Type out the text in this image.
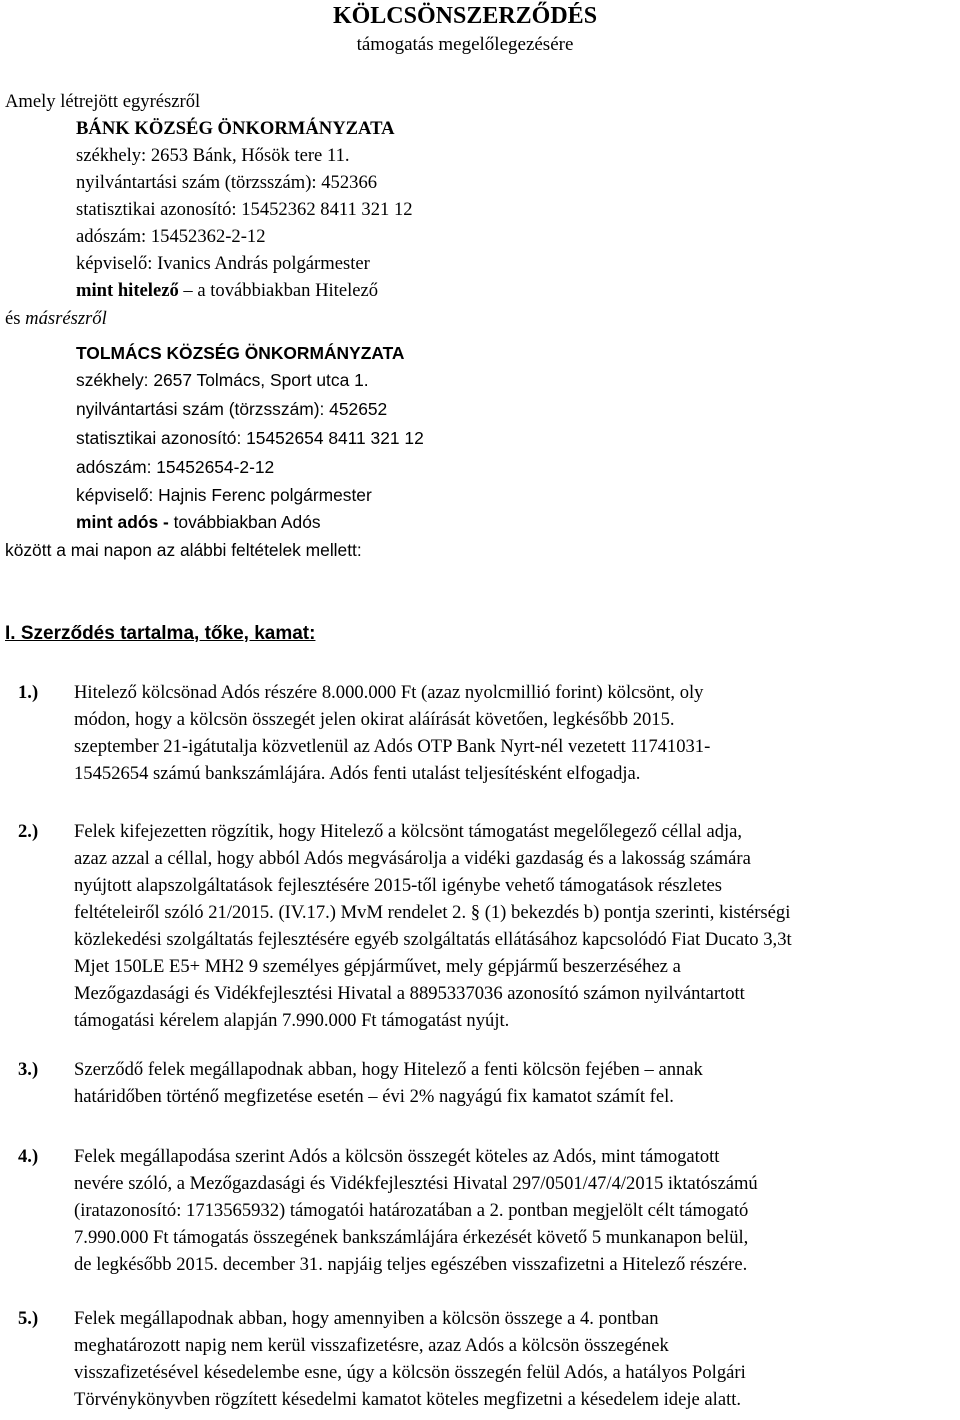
KÖLCSÖNSZERZŐDÉS
támogatás megelőlegezésére
Amely létrejött egyrészről
BÁNK KÖZSÉG ÖNKORMÁNYZATA
székhely: 2653 Bánk, Hősök tere 11.
nyilvántartási szám (törzsszám): 452366
statisztikai azonosító: 15452362 8411 321 12
adószám: 15452362-2-12
képviselő: Ivanics András polgármester
mint hitelező – a továbbiakban Hitelező
és másrészről
TOLMÁCS KÖZSÉG ÖNKORMÁNYZATA
székhely: 2657 Tolmács, Sport utca 1.
nyilvántartási szám (törzsszám): 452652
statisztikai azonosító: 15452654 8411 321 12
adószám: 15452654-2-12
képviselő: Hajnis Ferenc polgármester
mint adós - továbbiakban Adós
között a mai napon az alábbi feltételek mellett:
I. Szerződés tartalma, tőke, kamat:
1.) Hitelező kölcsönad Adós részére 8.000.000 Ft (azaz nyolcmillió forint) kölcsönt, oly

módon, hogy a kölcsön összegét jelen okirat aláírását követően, legkésőbb 2015.

szeptember 21-igátutalja közvetlenül az Adós OTP Bank Nyrt-nél vezetett 11741031-

15452654 számú bankszámlájára. Adós fenti utalást teljesítésként elfogadja.

2.) Felek kifejezetten rögzítik, hogy Hitelező a kölcsönt támogatást megelőlegező céllal adja,

azaz azzal a céllal, hogy abból Adós megvásárolja a vidéki gazdaság és a lakosság számára

nyújtott alapszolgáltatások fejlesztésére 2015-től igénybe vehető támogatások részletes

feltételeiről szóló 21/2015. (IV.17.) MvM rendelet 2. § (1) bekezdés b) pontja szerinti, kistérségi

közlekedési szolgáltatás fejlesztésére egyéb szolgáltatás ellátásához kapcsolódó Fiat Ducato 3,3t

Mjet 150LE E5+ MH2 9 személyes gépjárművet, mely gépjármű beszerzéséhez a

Mezőgazdasági és Vidékfejlesztési Hivatal a 8895337036 azonosító számon nyilvántartott

támogatási kérelem alapján 7.990.000 Ft támogatást nyújt.

3.) Szerződő felek megállapodnak abban, hogy Hitelező a fenti kölcsön fejében – annak

határidőben történő megfizetése esetén – évi 2% nagyágú fix kamatot számít fel.

4.) Felek megállapodása szerint Adós a kölcsön összegét köteles az Adós, mint támogatott

nevére szóló, a Mezőgazdasági és Vidékfejlesztési Hivatal 297/0501/47/4/2015 iktatószámú

(iratazonosító: 1713565932) támogatói határozatában a 2. pontban megjelölt célt támogató

7.990.000 Ft támogatás összegének bankszámlájára érkezését követő 5 munkanapon belül,

de legkésőbb 2015. december 31. napjáig teljes egészében visszafizetni a Hitelező részére.

5.) Felek megállapodnak abban, hogy amennyiben a kölcsön összege a 4. pontban

meghatározott napig nem kerül visszafizetésre, azaz Adós a kölcsön összegének

visszafizetésével késedelembe esne, úgy a kölcsön összegén felül Adós, a hatályos Polgári

Törvénykönyvben rögzített késedelmi kamatot köteles megfizetni a késedelem ideje alatt.
